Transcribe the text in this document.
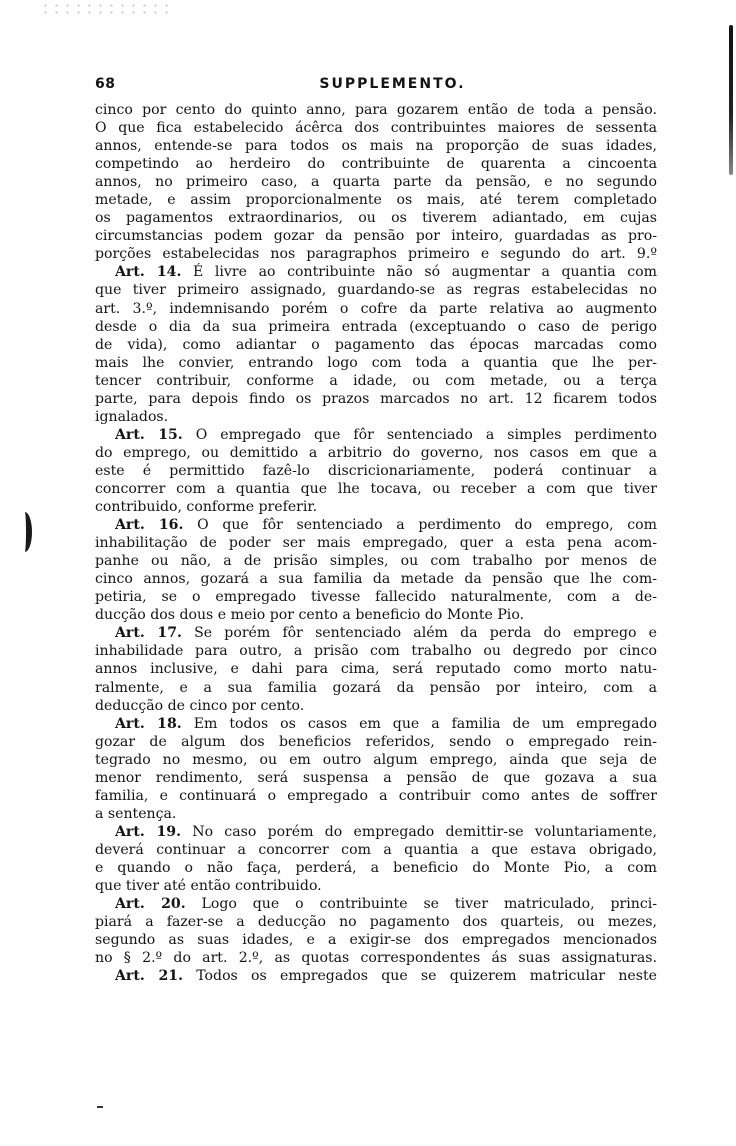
68	SUPPLEMENTO.
cinco por cento do quinto anno, para gozarem então de toda a pensão.
O que fica estabelecido ácêrca dos contribuintes maiores de sessenta
annos, entende-se para todos os mais na proporção de suas idades,
competindo ao herdeiro do contribuinte de quarenta a cincoenta
annos, no primeiro caso, a quarta parte da pensão, e no segundo
metade, e assim proporcionalmente os mais, até terem completado
os pagamentos extraordinarios, ou os tiverem adiantado, em cujas
circumstancias podem gozar da pensão por inteiro, guardadas as pro-
porções estabelecidas nos paragraphos primeiro e segundo do art. 9.º
Art. 14. É livre ao contribuinte não só augmentar a quantia com
que tiver primeiro assignado, guardando-se as regras estabelecidas no
art. 3.º, indemnisando porém o cofre da parte relativa ao augmento
desde o dia da sua primeira entrada (exceptuando o caso de perigo
de vida), como adiantar o pagamento das épocas marcadas como
mais lhe convier, entrando logo com toda a quantia que lhe per-
tencer contribuir, conforme a idade, ou com metade, ou a terça
parte, para depois findo os prazos marcados no art. 12 ficarem todos
ignalados.
Art. 15. O empregado que fôr sentenciado a simples perdimento
do emprego, ou demittido a arbitrio do governo, nos casos em que a
este é permittido fazê-lo discricionariamente, poderá continuar a
concorrer com a quantia que lhe tocava, ou receber a com que tiver
contribuido, conforme preferir.
Art. 16. O que fôr sentenciado a perdimento do emprego, com
inhabilitação de poder ser mais empregado, quer a esta pena acom-
panhe ou não, a de prisão simples, ou com trabalho por menos de
cinco annos, gozará a sua familia da metade da pensão que lhe com-
petiria, se o empregado tivesse fallecido naturalmente, com a de-
ducção dos dous e meio por cento a beneficio do Monte Pio.
Art. 17. Se porém fôr sentenciado além da perda do emprego e
inhabilidade para outro, a prisão com trabalho ou degredo por cinco
annos inclusive, e dahi para cima, será reputado como morto natu-
ralmente, e a sua familia gozará da pensão por inteiro, com a
deducção de cinco por cento.
Art. 18. Em todos os casos em que a familia de um empregado
gozar de algum dos beneficios referidos, sendo o empregado rein-
tegrado no mesmo, ou em outro algum emprego, ainda que seja de
menor rendimento, será suspensa a pensão de que gozava a sua
familia, e continuará o empregado a contribuir como antes de soffrer
a sentença.
Art. 19. No caso porém do empregado demittir-se voluntariamente,
deverá continuar a concorrer com a quantia a que estava obrigado,
e quando o não faça, perderá, a beneficio do Monte Pio, a com
que tiver até então contribuido.
Art. 20. Logo que o contribuinte se tiver matriculado, princi-
piará a fazer-se a deducção no pagamento dos quarteis, ou mezes,
segundo as suas idades, e a exigir-se dos empregados mencionados
no § 2.º do art. 2.º, as quotas correspondentes ás suas assignaturas.
Art. 21. Todos os empregados que se quizerem matricular neste
